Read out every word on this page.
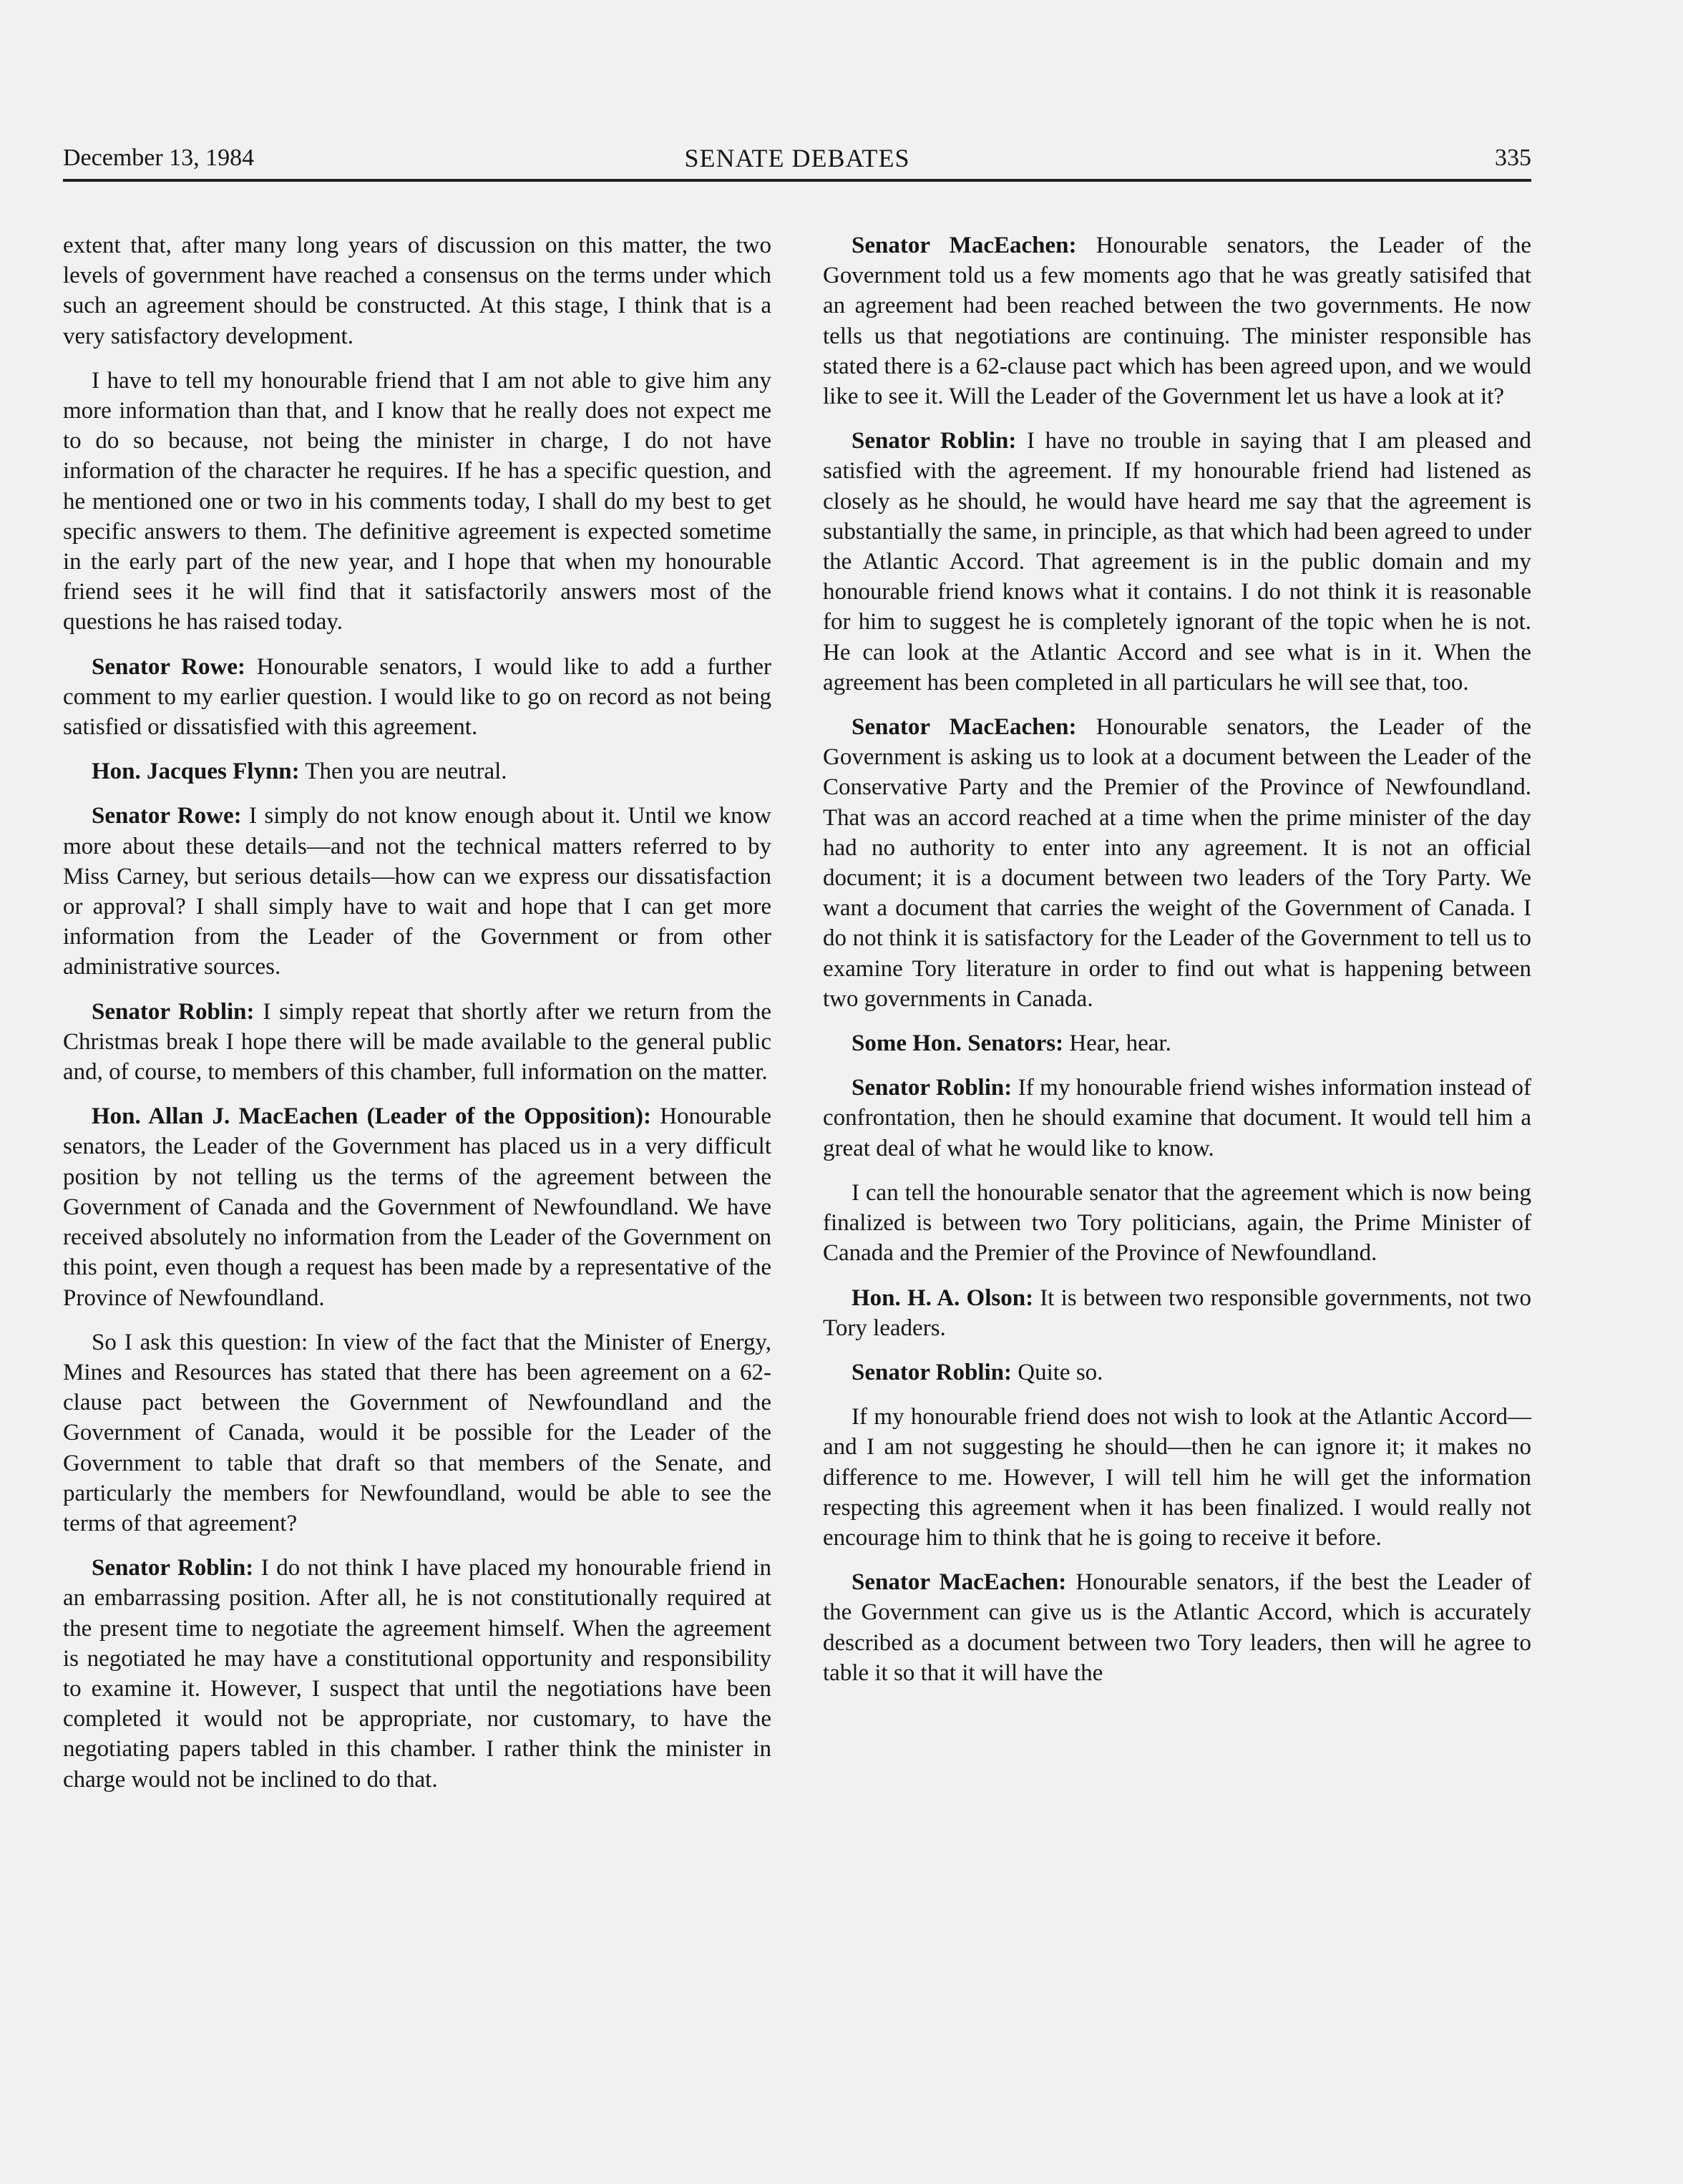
December 13, 1984	SENATE DEBATES	335

extent that, after many long years of discussion on this matter, the two levels of government have reached a consensus on the terms under which such an agreement should be constructed. At this stage, I think that is a very satisfactory development.

I have to tell my honourable friend that I am not able to give him any more information than that, and I know that he really does not expect me to do so because, not being the minister in charge, I do not have information of the character he requires. If he has a specific question, and he mentioned one or two in his comments today, I shall do my best to get specific answers to them. The definitive agreement is expected sometime in the early part of the new year, and I hope that when my honourable friend sees it he will find that it satisfactorily answers most of the questions he has raised today.

Senator Rowe: Honourable senators, I would like to add a further comment to my earlier question. I would like to go on record as not being satisfied or dissatisfied with this agreement.

Hon. Jacques Flynn: Then you are neutral.

Senator Rowe: I simply do not know enough about it. Until we know more about these details—and not the technical matters referred to by Miss Carney, but serious details—how can we express our dissatisfaction or approval? I shall simply have to wait and hope that I can get more information from the Leader of the Government or from other administrative sources.

Senator Roblin: I simply repeat that shortly after we return from the Christmas break I hope there will be made available to the general public and, of course, to members of this chamber, full information on the matter.

Hon. Allan J. MacEachen (Leader of the Opposition): Honourable senators, the Leader of the Government has placed us in a very difficult position by not telling us the terms of the agreement between the Government of Canada and the Government of Newfoundland. We have received absolutely no information from the Leader of the Government on this point, even though a request has been made by a representative of the Province of Newfoundland.

So I ask this question: In view of the fact that the Minister of Energy, Mines and Resources has stated that there has been agreement on a 62-clause pact between the Government of Newfoundland and the Government of Canada, would it be possible for the Leader of the Government to table that draft so that members of the Senate, and particularly the members for Newfoundland, would be able to see the terms of that agreement?

Senator Roblin: I do not think I have placed my honourable friend in an embarrassing position. After all, he is not constitutionally required at the present time to negotiate the agreement himself. When the agreement is negotiated he may have a constitutional opportunity and responsibility to examine it. However, I suspect that until the negotiations have been completed it would not be appropriate, nor customary, to have the negotiating papers tabled in this chamber. I rather think the minister in charge would not be inclined to do that.

Senator MacEachen: Honourable senators, the Leader of the Government told us a few moments ago that he was greatly satisifed that an agreement had been reached between the two governments. He now tells us that negotiations are continuing. The minister responsible has stated there is a 62-clause pact which has been agreed upon, and we would like to see it. Will the Leader of the Government let us have a look at it?

Senator Roblin: I have no trouble in saying that I am pleased and satisfied with the agreement. If my honourable friend had listened as closely as he should, he would have heard me say that the agreement is substantially the same, in principle, as that which had been agreed to under the Atlantic Accord. That agreement is in the public domain and my honourable friend knows what it contains. I do not think it is reasonable for him to suggest he is completely ignorant of the topic when he is not. He can look at the Atlantic Accord and see what is in it. When the agreement has been completed in all particulars he will see that, too.

Senator MacEachen: Honourable senators, the Leader of the Government is asking us to look at a document between the Leader of the Conservative Party and the Premier of the Province of Newfoundland. That was an accord reached at a time when the prime minister of the day had no authority to enter into any agreement. It is not an official document; it is a document between two leaders of the Tory Party. We want a document that carries the weight of the Government of Canada. I do not think it is satisfactory for the Leader of the Government to tell us to examine Tory literature in order to find out what is happening between two governments in Canada.

Some Hon. Senators: Hear, hear.

Senator Roblin: If my honourable friend wishes information instead of confrontation, then he should examine that document. It would tell him a great deal of what he would like to know.

I can tell the honourable senator that the agreement which is now being finalized is between two Tory politicians, again, the Prime Minister of Canada and the Premier of the Province of Newfoundland.

Hon. H. A. Olson: It is between two responsible governments, not two Tory leaders.

Senator Roblin: Quite so.

If my honourable friend does not wish to look at the Atlantic Accord—and I am not suggesting he should—then he can ignore it; it makes no difference to me. However, I will tell him he will get the information respecting this agreement when it has been finalized. I would really not encourage him to think that he is going to receive it before.

Senator MacEachen: Honourable senators, if the best the Leader of the Government can give us is the Atlantic Accord, which is accurately described as a document between two Tory leaders, then will he agree to table it so that it will have the
